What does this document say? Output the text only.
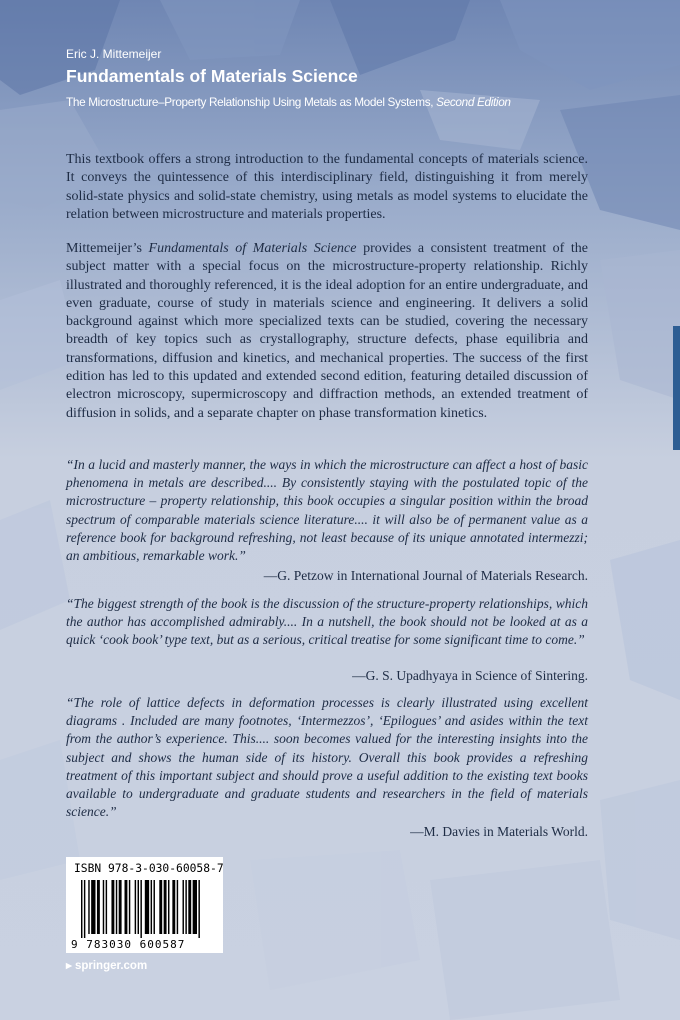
Eric J. Mittemeijer
Fundamentals of Materials Science
The Microstructure–Property Relationship Using Metals as Model Systems, Second Edition

This textbook offers a strong introduction to the fundamental concepts of materials science. It conveys the quintessence of this interdisciplinary field, distinguishing it from merely solid-state physics and solid-state chemistry, using metals as model systems to elucidate the relation between microstructure and materials properties.

Mittemeijer’s Fundamentals of Materials Science provides a consistent treatment of the subject matter with a special focus on the microstructure-property relationship. Richly illustrated and thoroughly referenced, it is the ideal adoption for an entire undergraduate, and even graduate, course of study in materials science and engineering. It delivers a solid background against which more specialized texts can be studied, covering the necessary breadth of key topics such as crystallography, structure defects, phase equilibria and transformations, diffusion and kinetics, and mechanical properties. The success of the first edition has led to this updated and extended second edition, featuring detailed discussion of electron microscopy, supermicroscopy and diffraction methods, an extended treatment of diffusion in solids, and a separate chapter on phase transformation kinetics.

“In a lucid and masterly manner, the ways in which the microstructure can affect a host of basic phenomena in metals are described.... By consistently staying with the postulated topic of the microstructure – property relationship, this book occupies a singular position within the broad spectrum of comparable materials science literature.... it will also be of permanent value as a reference book for background refreshing, not least because of its unique annotated intermezzi; an ambitious, remarkable work.”

—G. Petzow in International Journal of Materials Research.

“The biggest strength of the book is the discussion of the structure-property relationships, which the author has accomplished admirably.... In a nutshell, the book should not be looked at as a quick ‘cook book’ type text, but as a serious, critical treatise for some significant time to come.”

—G. S. Upadhyaya in Science of Sintering.

“The role of lattice defects in deformation processes is clearly illustrated using excellent diagrams . Included are many footnotes, ‘Intermezzos’, ‘Epilogues’ and asides within the text from the author’s experience. This.... soon becomes valued for the interesting insights into the subject and shows the human side of its history. Overall this book provides a refreshing treatment of this important subject and should prove a useful addition to the existing text books available to undergraduate and graduate students and researchers in the field of materials science.”

—M. Davies in Materials World.
ISBN 978-3-030-60058-7
9 783030 600587
▸ springer.com
